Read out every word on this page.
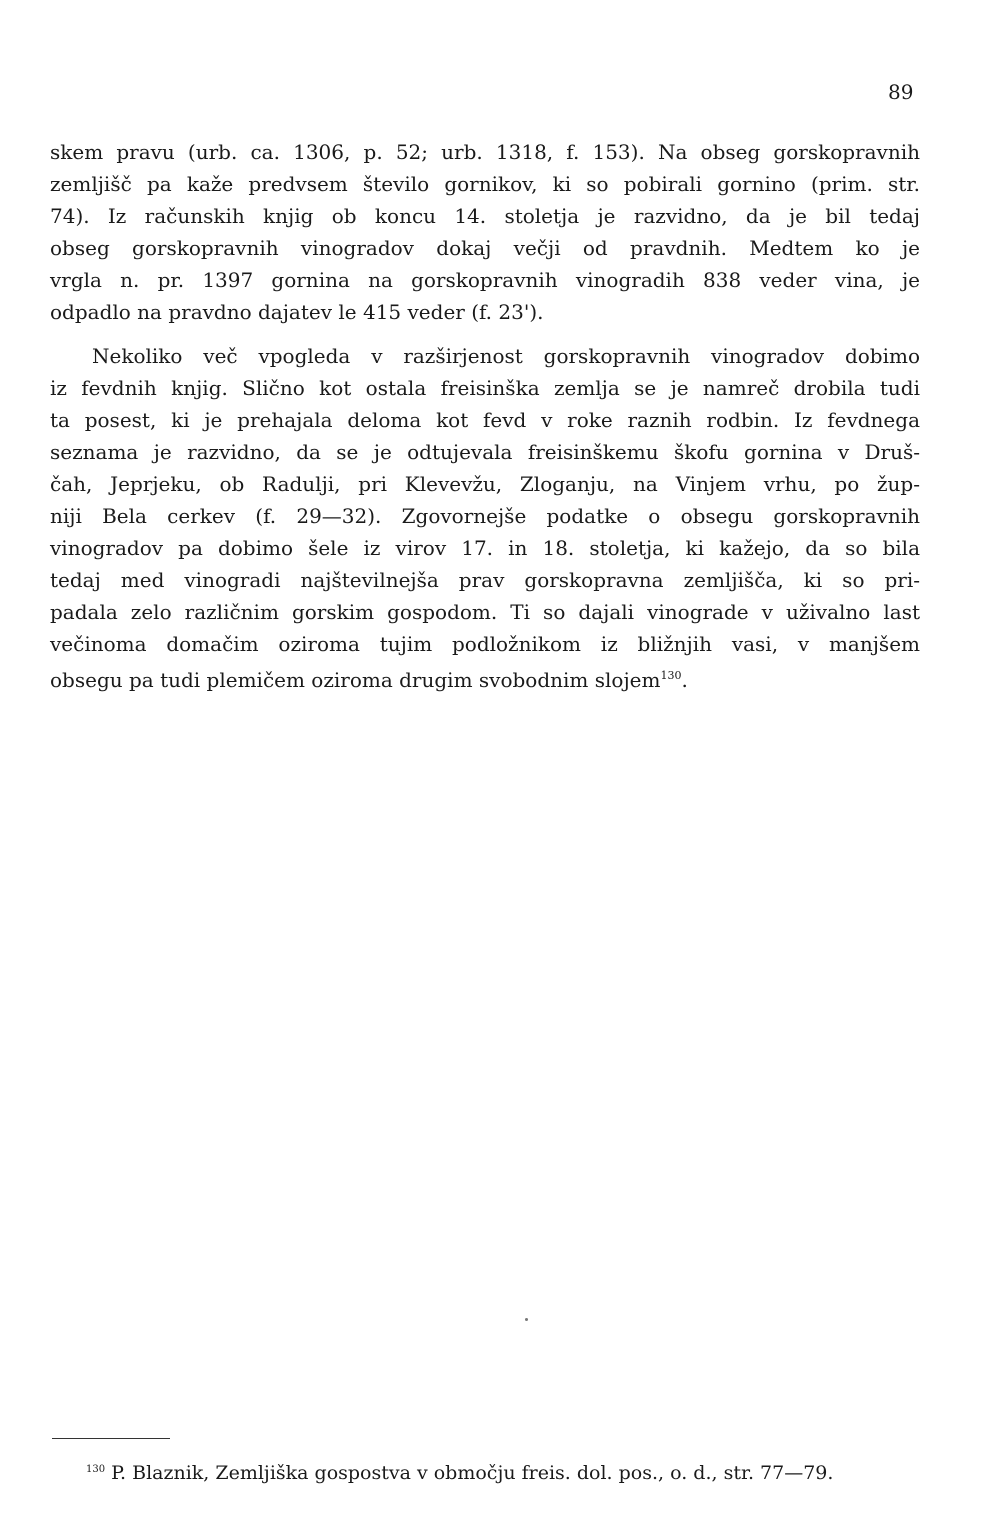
89
skem pravu (urb. ca. 1306, p. 52; urb. 1318, f. 153). Na obseg gorskopravnih
zemljišč pa kaže predvsem število gornikov, ki so pobirali gornino (prim. str.
74). Iz računskih knjig ob koncu 14. stoletja je razvidno, da je bil tedaj
obseg gorskopravnih vinogradov dokaj večji od pravdnih. Medtem ko je
vrgla n. pr. 1397 gornina na gorskopravnih vinogradih 838 veder vina, je
odpadlo na pravdno dajatev le 415 veder (f. 23').
Nekoliko več vpogleda v razširjenost gorskopravnih vinogradov dobimo
iz fevdnih knjig. Slično kot ostala freisinška zemlja se je namreč drobila tudi
ta posest, ki je prehajala deloma kot fevd v roke raznih rodbin. Iz fevdnega
seznama je razvidno, da se je odtujevala freisinškemu škofu gornina v Druš-
čah, Jeprjeku, ob Radulji, pri Klevevžu, Zloganju, na Vinjem vrhu, po žup-
niji Bela cerkev (f. 29—32). Zgovornejše podatke o obsegu gorskopravnih
vinogradov pa dobimo šele iz virov 17. in 18. stoletja, ki kažejo, da so bila
tedaj med vinogradi najštevilnejša prav gorskopravna zemljišča, ki so pri-
padala zelo različnim gorskim gospodom. Ti so dajali vinograde v uživalno last
večinoma domačim oziroma tujim podložnikom iz bližnjih vasi, v manjšem
obsegu pa tudi plemičem oziroma drugim svobodnim slojem$^{130}$.
$^{130}$ P. Blaznik, Zemljiška gospostva v območju freis. dol. pos., o. d., str. 77—79.
